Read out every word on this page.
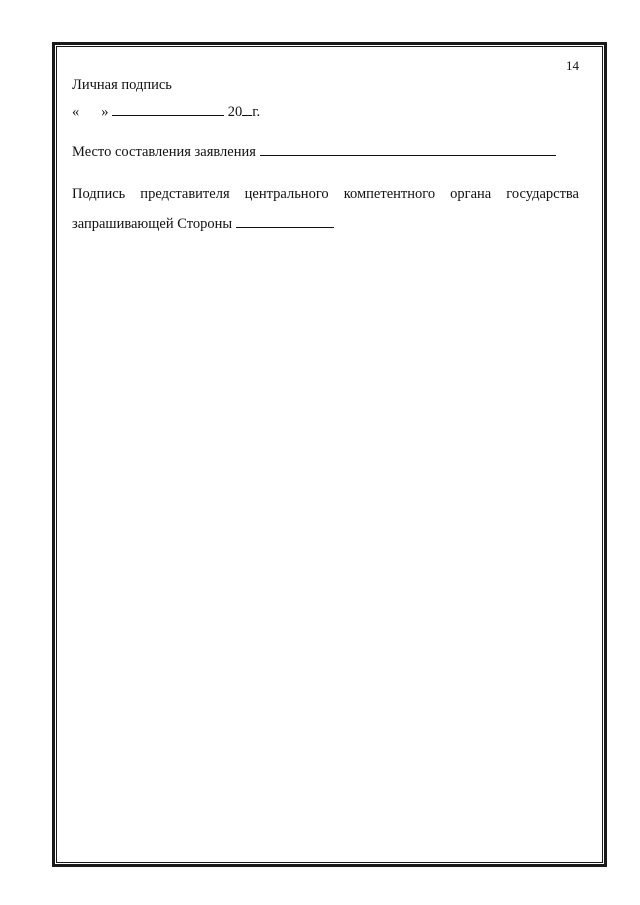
14
Личная подпись
« »	20 г.
Место составления заявления
Подпись представителя центрального компетентного органа государства
запрашивающей Стороны
